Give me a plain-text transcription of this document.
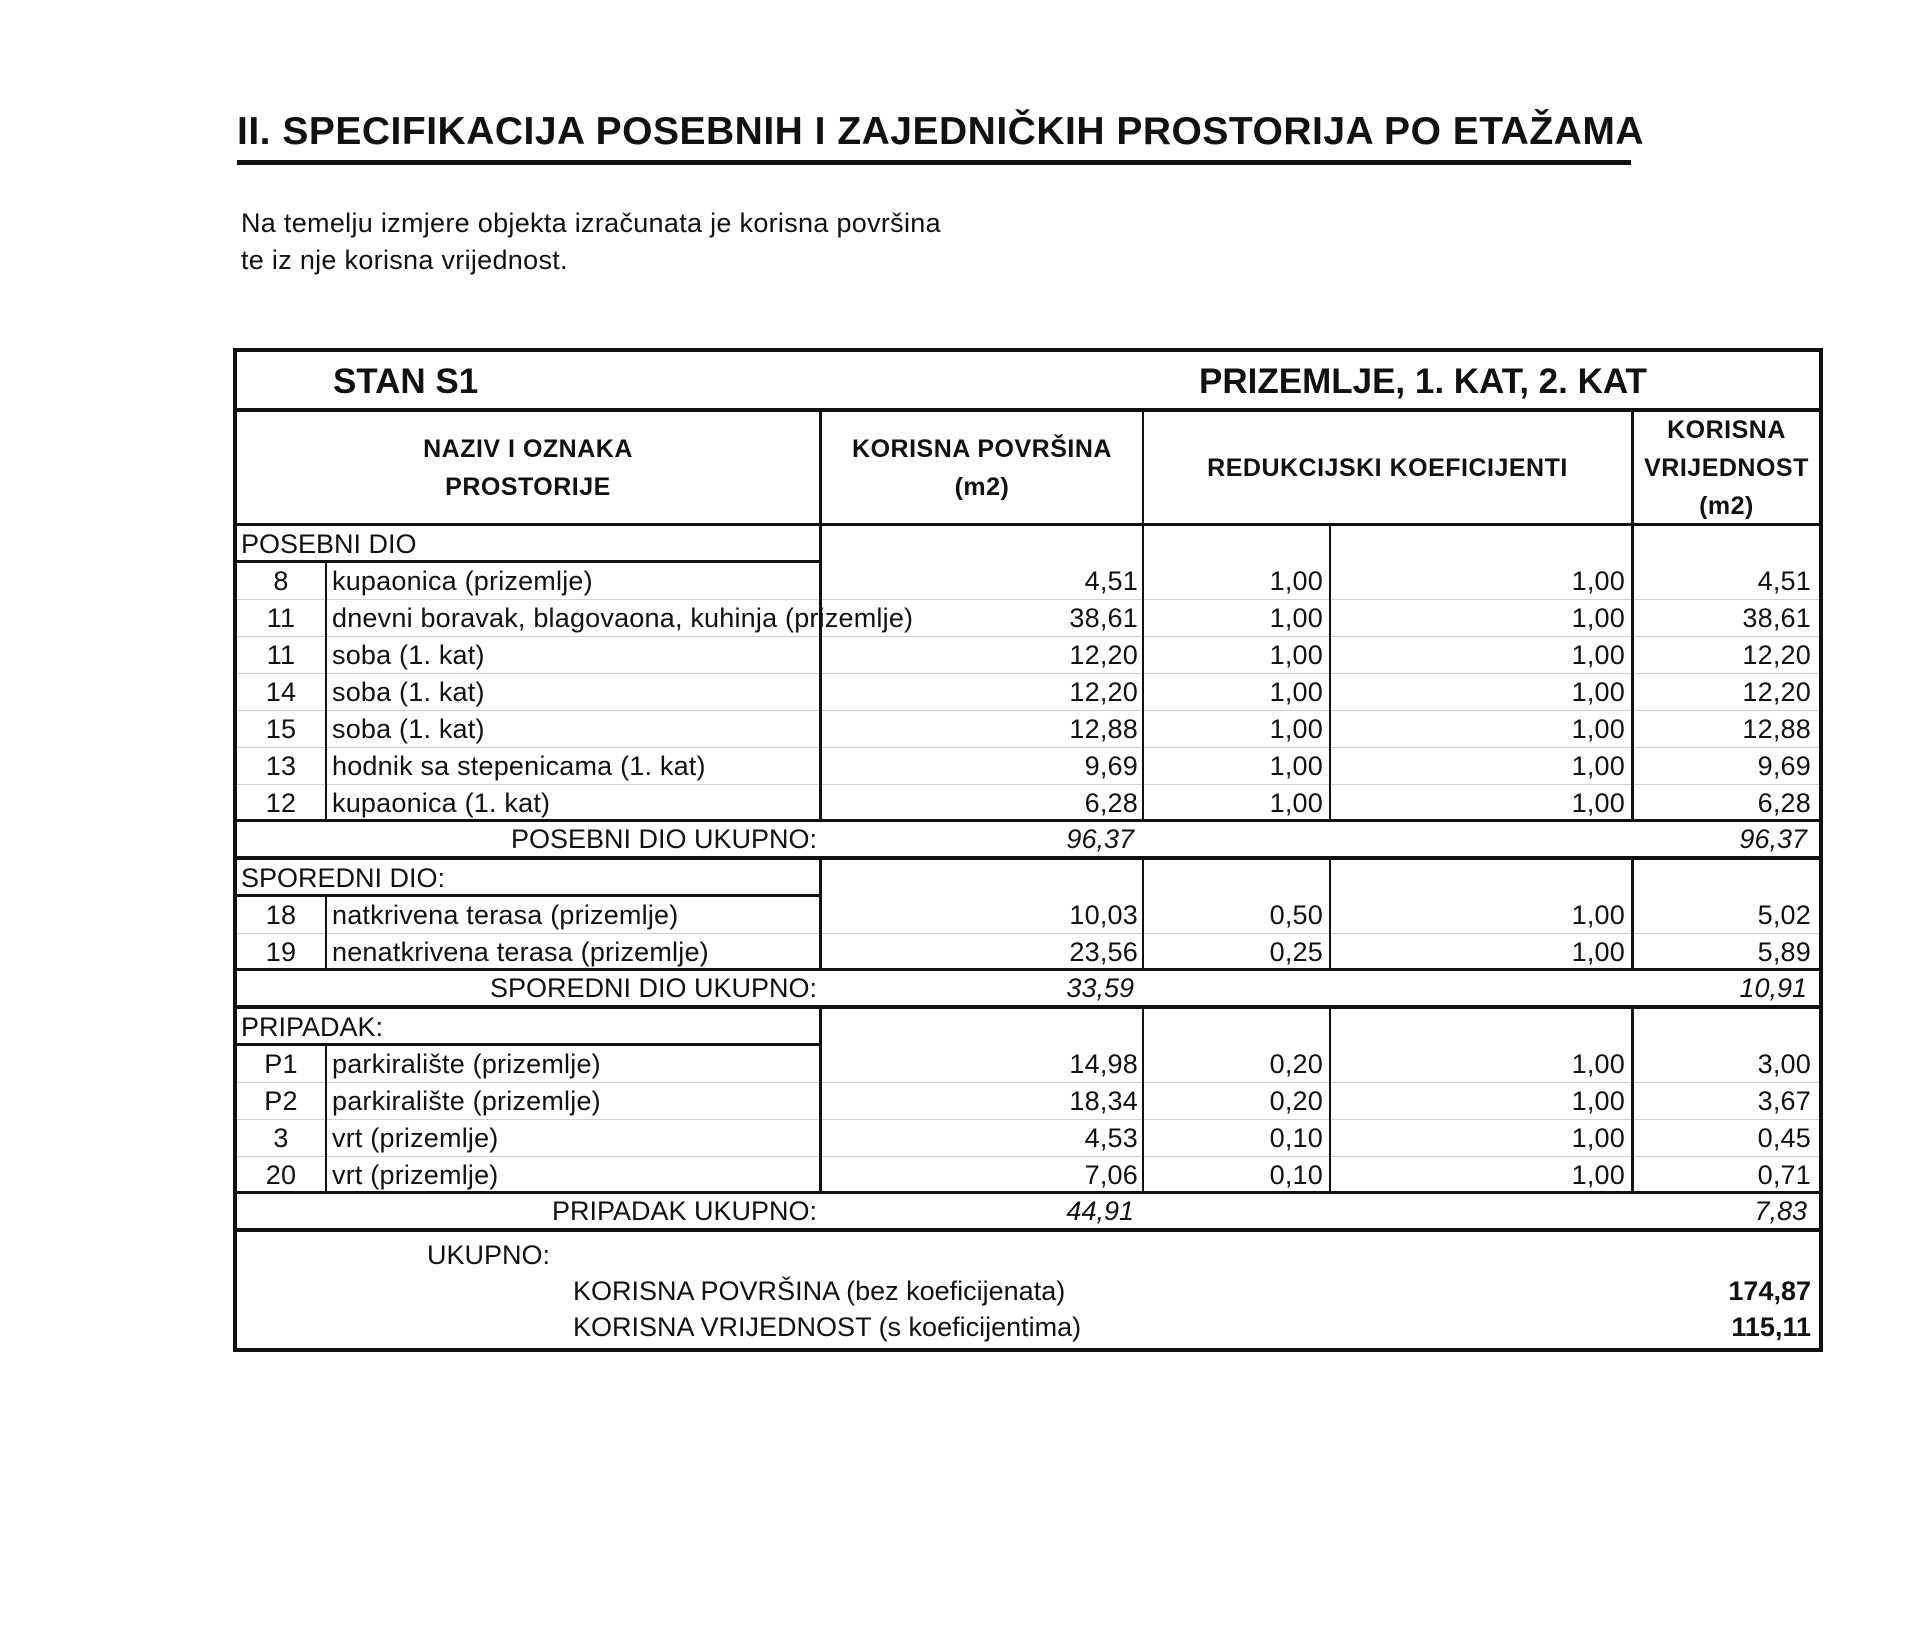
II. SPECIFIKACIJA POSEBNIH I ZAJEDNIČKIH PROSTORIJA PO ETAŽAMA
Na temelju izmjere objekta izračunata je korisna površina
te iz nje korisna vrijednost.
STAN S1	PRIZEMLJE, 1. KAT, 2. KAT
NAZIV I OZNAKA
PROSTORIJE
KORISNA POVRŠINA (m2)
REDUKCIJSKI KOEFICIJENTI
KORISNA
VRIJEDNOST
(m2)
POSEBNI DIO
8	kupaonica (prizemlje)	4,51	1,00	1,00	4,51
11	dnevni boravak, blagovaona, kuhinja (prizemlje)	38,61	1,00	1,00	38,61
11	soba (1. kat)	12,20	1,00	1,00	12,20
14	soba (1. kat)	12,20	1,00	1,00	12,20
15	soba (1. kat)	12,88	1,00	1,00	12,88
13	hodnik sa stepenicama (1. kat)	9,69	1,00	1,00	9,69
12	kupaonica (1. kat)	6,28	1,00	1,00	6,28
POSEBNI DIO UKUPNO:	96,37	96,37
SPOREDNI DIO:
18	natkrivena terasa (prizemlje)	10,03	0,50	1,00	5,02
19	nenatkrivena terasa (prizemlje)	23,56	0,25	1,00	5,89
SPOREDNI DIO UKUPNO:	33,59	10,91
PRIPADAK:
P1	parkiralište (prizemlje)	14,98	0,20	1,00	3,00
P2	parkiralište (prizemlje)	18,34	0,20	1,00	3,67
3	vrt (prizemlje)	4,53	0,10	1,00	0,45
20	vrt (prizemlje)	7,06	0,10	1,00	0,71
PRIPADAK UKUPNO:	44,91	7,83
UKUPNO:
KORISNA POVRŠINA (bez koeficijenata)	174,87
KORISNA VRIJEDNOST (s koeficijentima)	115,11
